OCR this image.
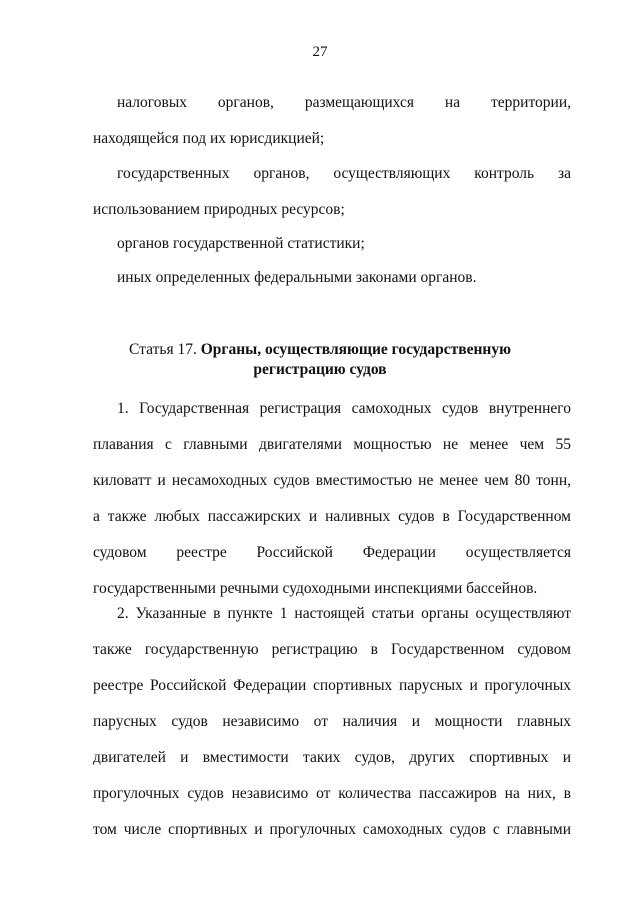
27
налоговых органов, размещающихся на территории,
находящейся под их юрисдикцией;
государственных органов, осуществляющих контроль за
использованием природных ресурсов;
органов государственной статистики;
иных определенных федеральными законами органов.
Статья 17. Органы, осуществляющие государственную
регистрацию судов
1. Государственная регистрация самоходных судов внутреннего
плавания с главными двигателями мощностью не менее чем 55
киловатт и несамоходных судов вместимостью не менее чем 80 тонн,
а также любых пассажирских и наливных судов в Государственном
судовом реестре Российской Федерации осуществляется
государственными речными судоходными инспекциями бассейнов.
2. Указанные в пункте 1 настоящей статьи органы осуществляют
также государственную регистрацию в Государственном судовом
реестре Российской Федерации спортивных парусных и прогулочных
парусных судов независимо от наличия и мощности главных
двигателей и вместимости таких судов, других спортивных и
прогулочных судов независимо от количества пассажиров на них, в
том числе спортивных и прогулочных самоходных судов с главными
